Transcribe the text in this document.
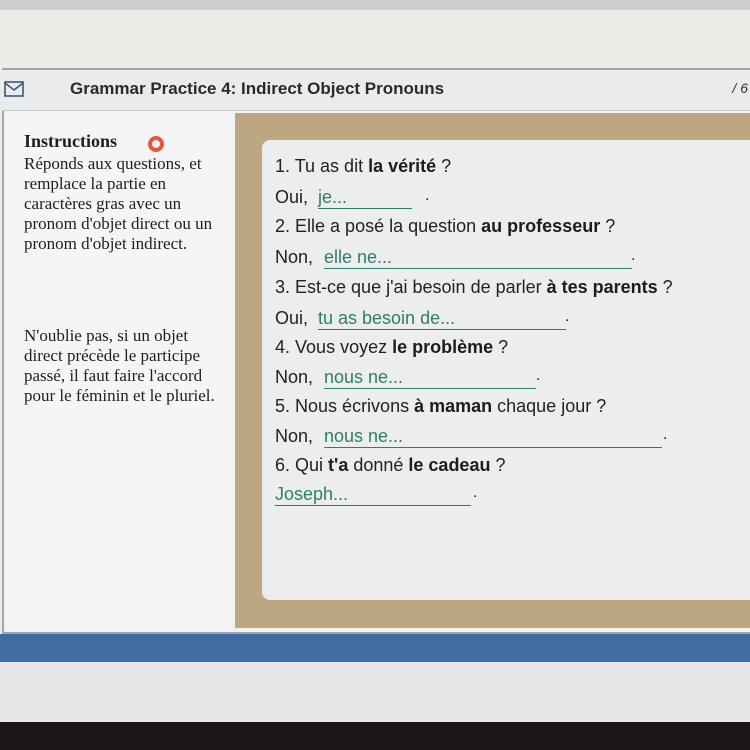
Grammar Practice 4: Indirect Object Pronouns	/ 6
Instructions
Réponds aux questions, et remplace la partie en caractères gras avec un pronom d'objet direct ou un pronom d'objet indirect.
N'oublie pas, si un objet direct précède le participe passé, il faut faire l'accord pour le féminin et le pluriel.
1. Tu as dit la vérité ?
Oui, je...	.
2. Elle a posé la question au professeur ?
Non, elle ne...	.
3. Est-ce que j'ai besoin de parler à tes parents ?
Oui, tu as besoin de...	.
4. Vous voyez le problème ?
Non, nous ne...	.
5. Nous écrivons à maman chaque jour ?
Non, nous ne...	.
6. Qui t'a donné le cadeau ?
Joseph...	.
